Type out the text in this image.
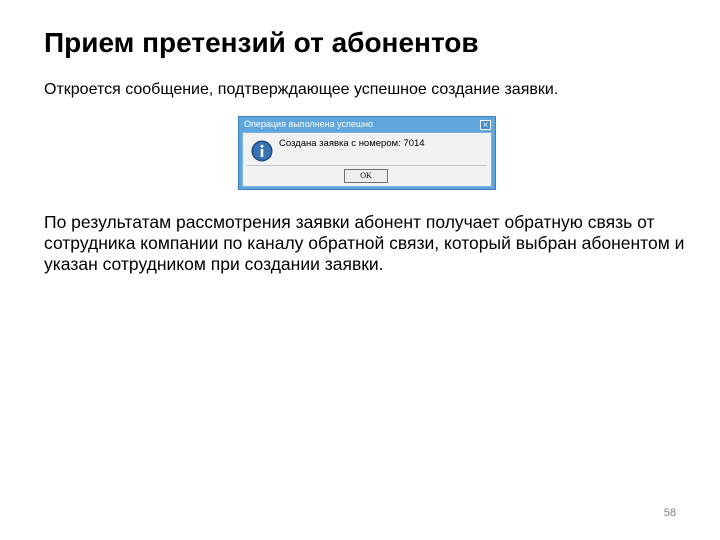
Прием претензий от абонентов

Откроется сообщение, подтверждающее успешное создание заявки.

Операция выполнена успешно	×
Создана заявка с номером: 7014
OK

По результатам рассмотрения заявки абонент получает обратную связь от сотрудника компании по каналу обратной связи, который выбран абонентом и указан сотрудником при создании заявки.

58
